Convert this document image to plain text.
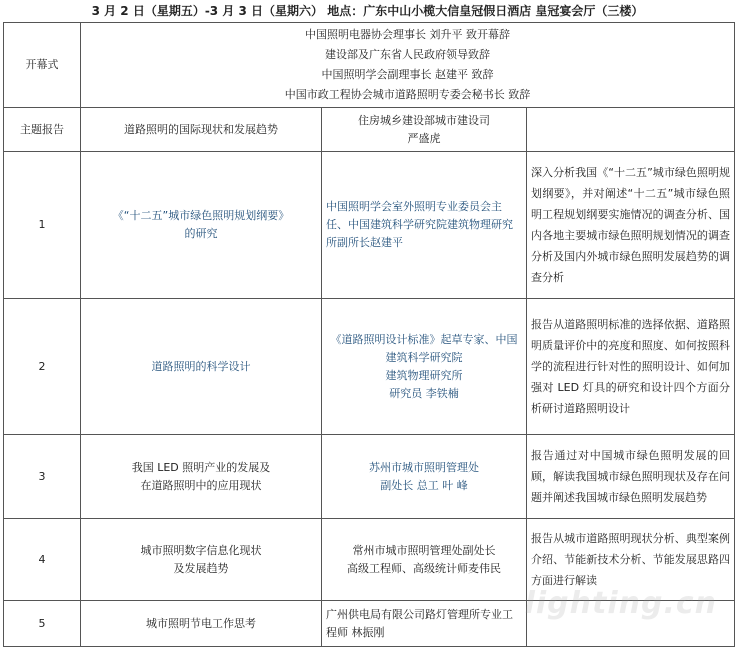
3 月 2 日（星期五）-3 月 3 日（星期六） 地点：广东中山小榄大信皇冠假日酒店 皇冠宴会厅（三楼）
开幕式	中国照明电器协会理事长 刘升平 致开幕辞
建设部及广东省人民政府领导致辞
中国照明学会副理事长 赵建平 致辞
中国市政工程协会城市道路照明专委会秘书长 致辞		

主题报告	道路照明的国际现状和发展趋势	住房城乡建设部城市建设司
严盛虎	
1	《“十二五”城市绿色照明规划纲要》
的研究	中国照明学会室外照明专业委员会主任、中国建筑科学研究院建筑物理研究所副所长赵建平	深入分析我国《“十二五”城市绿色照明规划纲要》，并对阐述“十二五”城市绿色照明工程规划纲要实施情况的调查分析、国内各地主要城市绿色照明规划情况的调查分析及国内外城市绿色照明发展趋势的调查分析
2	道路照明的科学设计	《道路照明设计标准》起草专家、中国建筑科学研究院
建筑物理研究所
研究员 李铁楠	报告从道路照明标准的选择依据、道路照明质量评价中的亮度和照度、如何按照科学的流程进行针对性的照明设计、如何加强对 LED 灯具的研究和设计四个方面分析研讨道路照明设计
3	我国 LED 照明产业的发展及
在道路照明中的应用现状	苏州市城市照明管理处
副处长 总工 叶 峰	报告通过对中国城市绿色照明发展的回顾，解读我国城市绿色照明现状及存在问题并阐述我国城市绿色照明发展趋势
4	城市照明数字信息化现状
及发展趋势	常州市城市照明管理处副处长
高级工程师、高级统计师麦伟民	报告从城市道路照明现状分析、典型案例介绍、节能新技术分析、节能发展思路四方面进行解读
5	城市照明节电工作思考	广州供电局有限公司路灯管理所专业工程师 林振刚	
lighting.cn
